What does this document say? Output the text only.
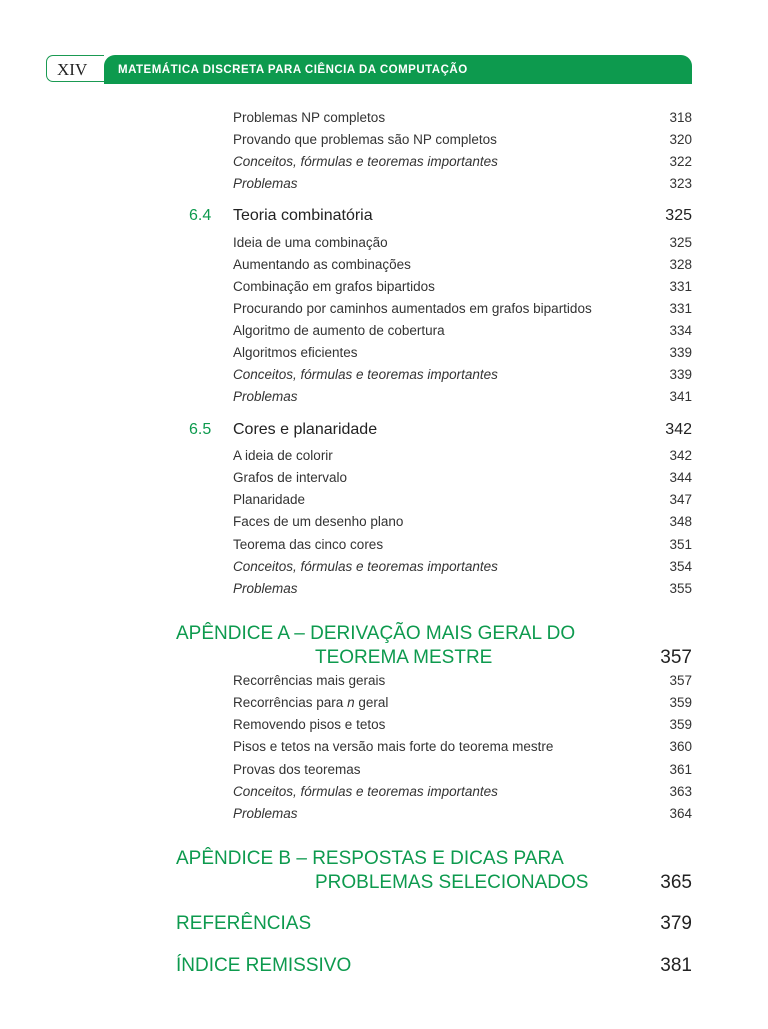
XIV	MATEMÁTICA DISCRETA PARA CIÊNCIA DA COMPUTAÇÃO
Problemas NP completos	318
Provando que problemas são NP completos	320
Conceitos, fórmulas e teoremas importantes	322
Problemas	323
6.4 Teoria combinatória	325
Ideia de uma combinação	325
Aumentando as combinações	328
Combinação em grafos bipartidos	331
Procurando por caminhos aumentados em grafos bipartidos	331
Algoritmo de aumento de cobertura	334
Algoritmos eficientes	339
Conceitos, fórmulas e teoremas importantes	339
Problemas	341
6.5 Cores e planaridade	342
A ideia de colorir	342
Grafos de intervalo	344
Planaridade	347
Faces de um desenho plano	348
Teorema das cinco cores	351
Conceitos, fórmulas e teoremas importantes	354
Problemas	355
APÊNDICE A – DERIVAÇÃO MAIS GERAL DO
TEOREMA MESTRE	357
Recorrências mais gerais	357
Recorrências para n geral	359
Removendo pisos e tetos	359
Pisos e tetos na versão mais forte do teorema mestre	360
Provas dos teoremas	361
Conceitos, fórmulas e teoremas importantes	363
Problemas	364
APÊNDICE B – RESPOSTAS E DICAS PARA
PROBLEMAS SELECIONADOS	365
REFERÊNCIAS	379
ÍNDICE REMISSIVO	381
